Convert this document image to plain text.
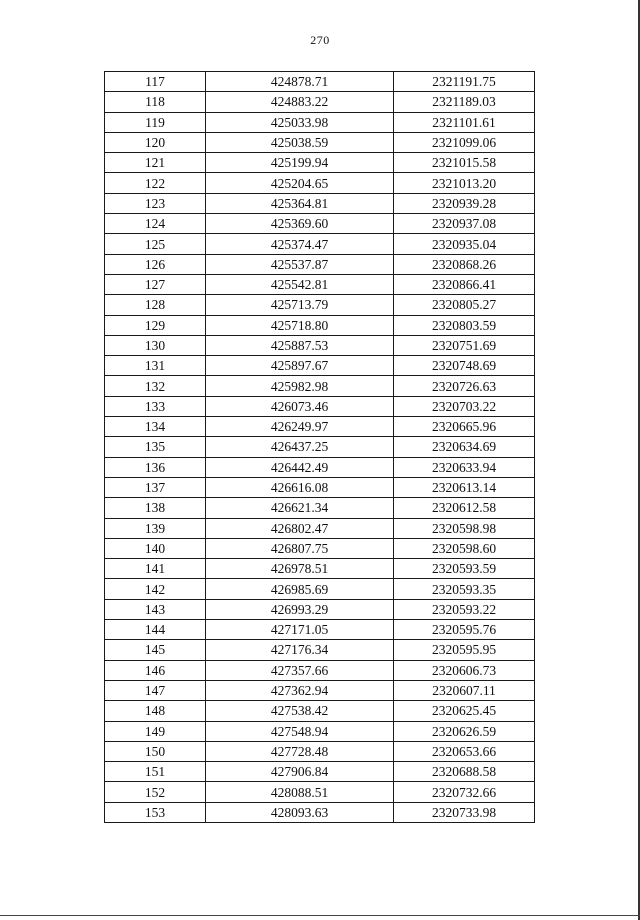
270
117	424878.71	2321191.75
118	424883.22	2321189.03
119	425033.98	2321101.61
120	425038.59	2321099.06
121	425199.94	2321015.58
122	425204.65	2321013.20
123	425364.81	2320939.28
124	425369.60	2320937.08
125	425374.47	2320935.04
126	425537.87	2320868.26
127	425542.81	2320866.41
128	425713.79	2320805.27
129	425718.80	2320803.59
130	425887.53	2320751.69
131	425897.67	2320748.69
132	425982.98	2320726.63
133	426073.46	2320703.22
134	426249.97	2320665.96
135	426437.25	2320634.69
136	426442.49	2320633.94
137	426616.08	2320613.14
138	426621.34	2320612.58
139	426802.47	2320598.98
140	426807.75	2320598.60
141	426978.51	2320593.59
142	426985.69	2320593.35
143	426993.29	2320593.22
144	427171.05	2320595.76
145	427176.34	2320595.95
146	427357.66	2320606.73
147	427362.94	2320607.11
148	427538.42	2320625.45
149	427548.94	2320626.59
150	427728.48	2320653.66
151	427906.84	2320688.58
152	428088.51	2320732.66
153	428093.63	2320733.98
